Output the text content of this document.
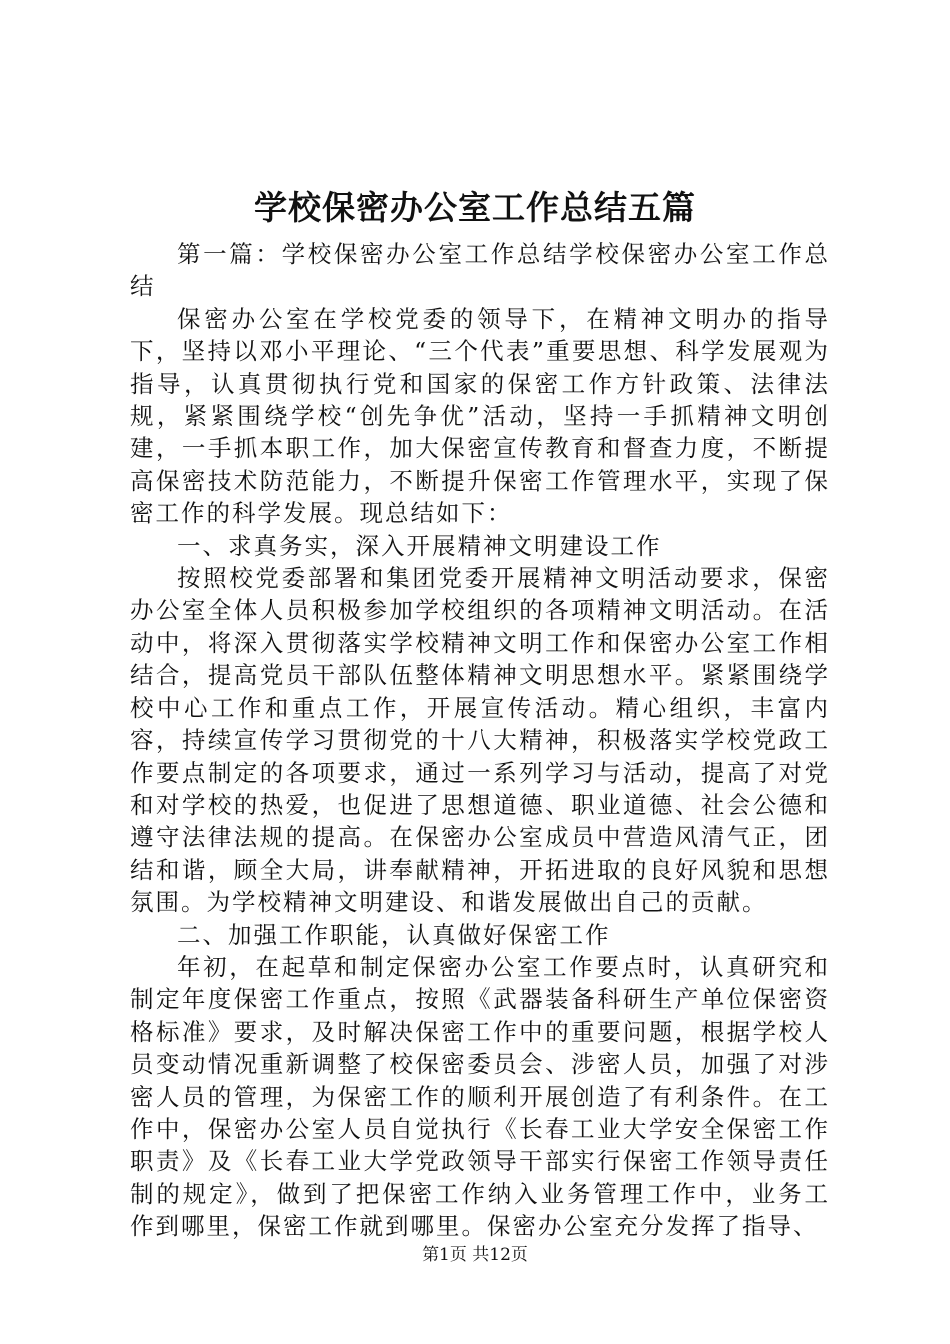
学校保密办公室工作总结五篇

第一篇：学校保密办公室工作总结学校保密办公室工作总结

保密办公室在学校党委的领导下，在精神文明办的指导下，坚持以邓小平理论、“三个代表”重要思想、科学发展观为指导，认真贯彻执行党和国家的保密工作方针政策、法律法规，紧紧围绕学校“创先争优”活动，坚持一手抓精神文明创建，一手抓本职工作，加大保密宣传教育和督查力度，不断提高保密技术防范能力，不断提升保密工作管理水平，实现了保密工作的科学发展。现总结如下：

一、求真务实，深入开展精神文明建设工作

按照校党委部署和集团党委开展精神文明活动要求，保密办公室全体人员积极参加学校组织的各项精神文明活动。在活动中，将深入贯彻落实学校精神文明工作和保密办公室工作相结合，提高党员干部队伍整体精神文明思想水平。紧紧围绕学校中心工作和重点工作，开展宣传活动。精心组织，丰富内容，持续宣传学习贯彻党的十八大精神，积极落实学校党政工作要点制定的各项要求，通过一系列学习与活动，提高了对党和对学校的热爱，也促进了思想道德、职业道德、社会公德和遵守法律法规的提高。在保密办公室成员中营造风清气正，团结和谐，顾全大局，讲奉献精神，开拓进取的良好风貌和思想氛围。为学校精神文明建设、和谐发展做出自己的贡献。

二、加强工作职能，认真做好保密工作

年初，在起草和制定保密办公室工作要点时，认真研究和制定年度保密工作重点，按照《武器装备科研生产单位保密资格标准》要求，及时解决保密工作中的重要问题，根据学校人员变动情况重新调整了校保密委员会、涉密人员，加强了对涉密人员的管理，为保密工作的顺利开展创造了有利条件。在工作中，保密办公室人员自觉执行《长春工业大学安全保密工作职责》及《长春工业大学党政领导干部实行保密工作领导责任制的规定》，做到了把保密工作纳入业务管理工作中，业务工作到哪里，保密工作就到哪里。保密办公室充分发挥了指导、

第1页 共12页
